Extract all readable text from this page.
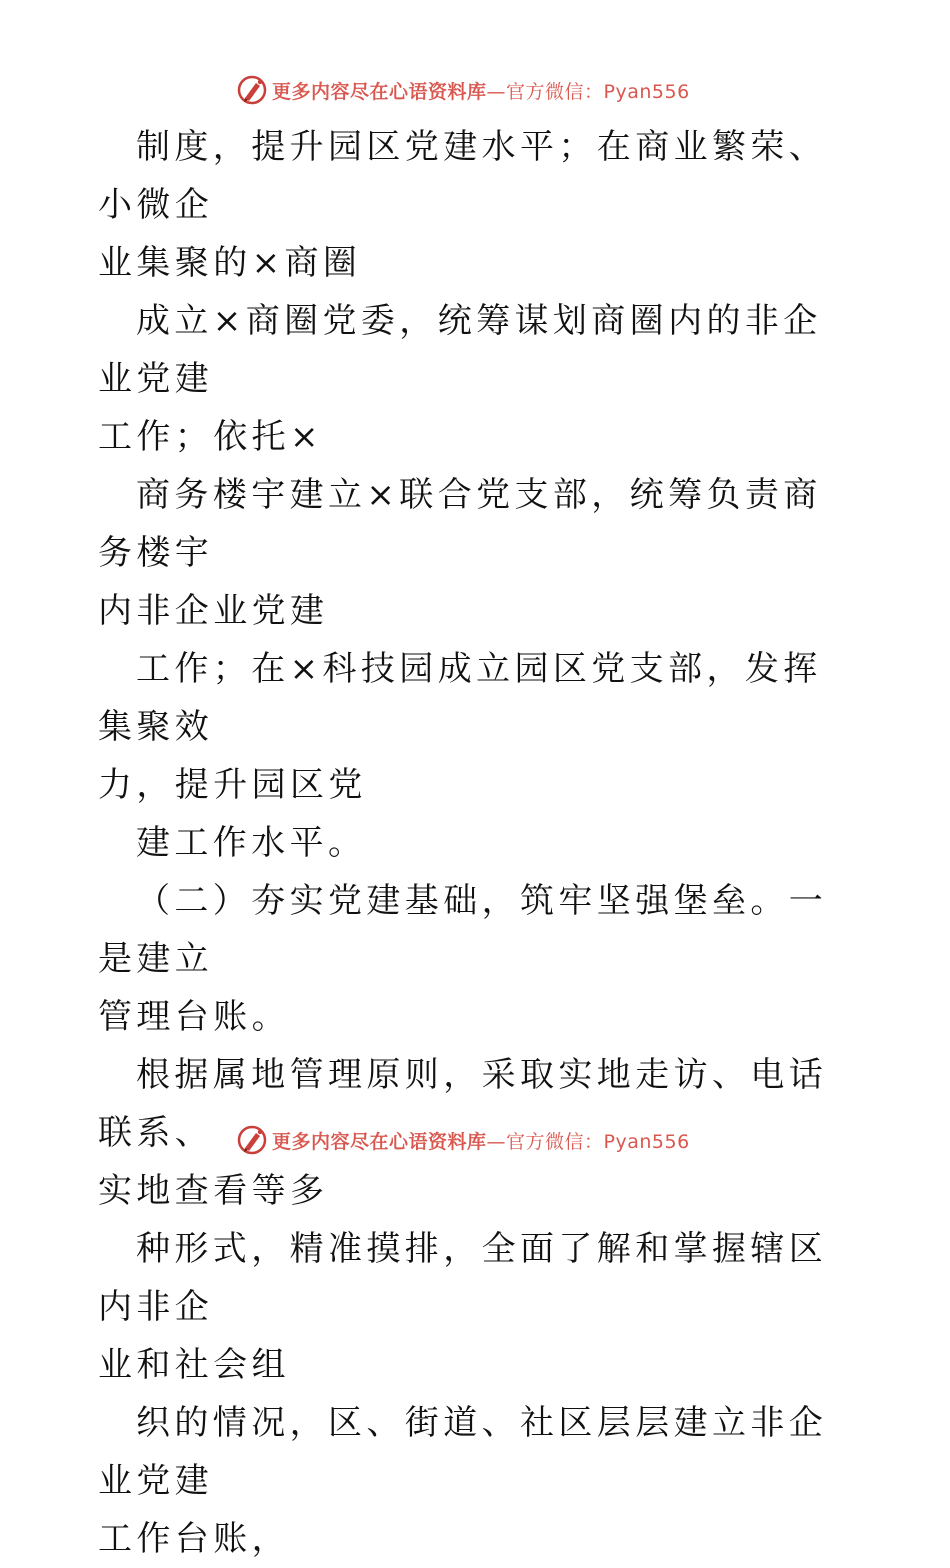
更多内容尽在心语资料库—官方微信：Pyan556

制度，提升园区党建水平；在商业繁荣、小微企
业集聚的×商圈

成立×商圈党委，统筹谋划商圈内的非企业党建
工作；依托×

商务楼宇建立×联合党支部，统筹负责商务楼宇
内非企业党建

工作；在×科技园成立园区党支部，发挥集聚效
力，提升园区党

建工作水平。

（二）夯实党建基础，筑牢坚强堡垒。一是建立
管理台账。

根据属地管理原则，采取实地走访、电话联系、
实地查看等多

种形式，精准摸排，全面了解和掌握辖区内非企
业和社会组

织的情况，区、街道、社区层层建立非企业党建
工作台账，

更多内容尽在心语资料库—官方微信：Pyan556
